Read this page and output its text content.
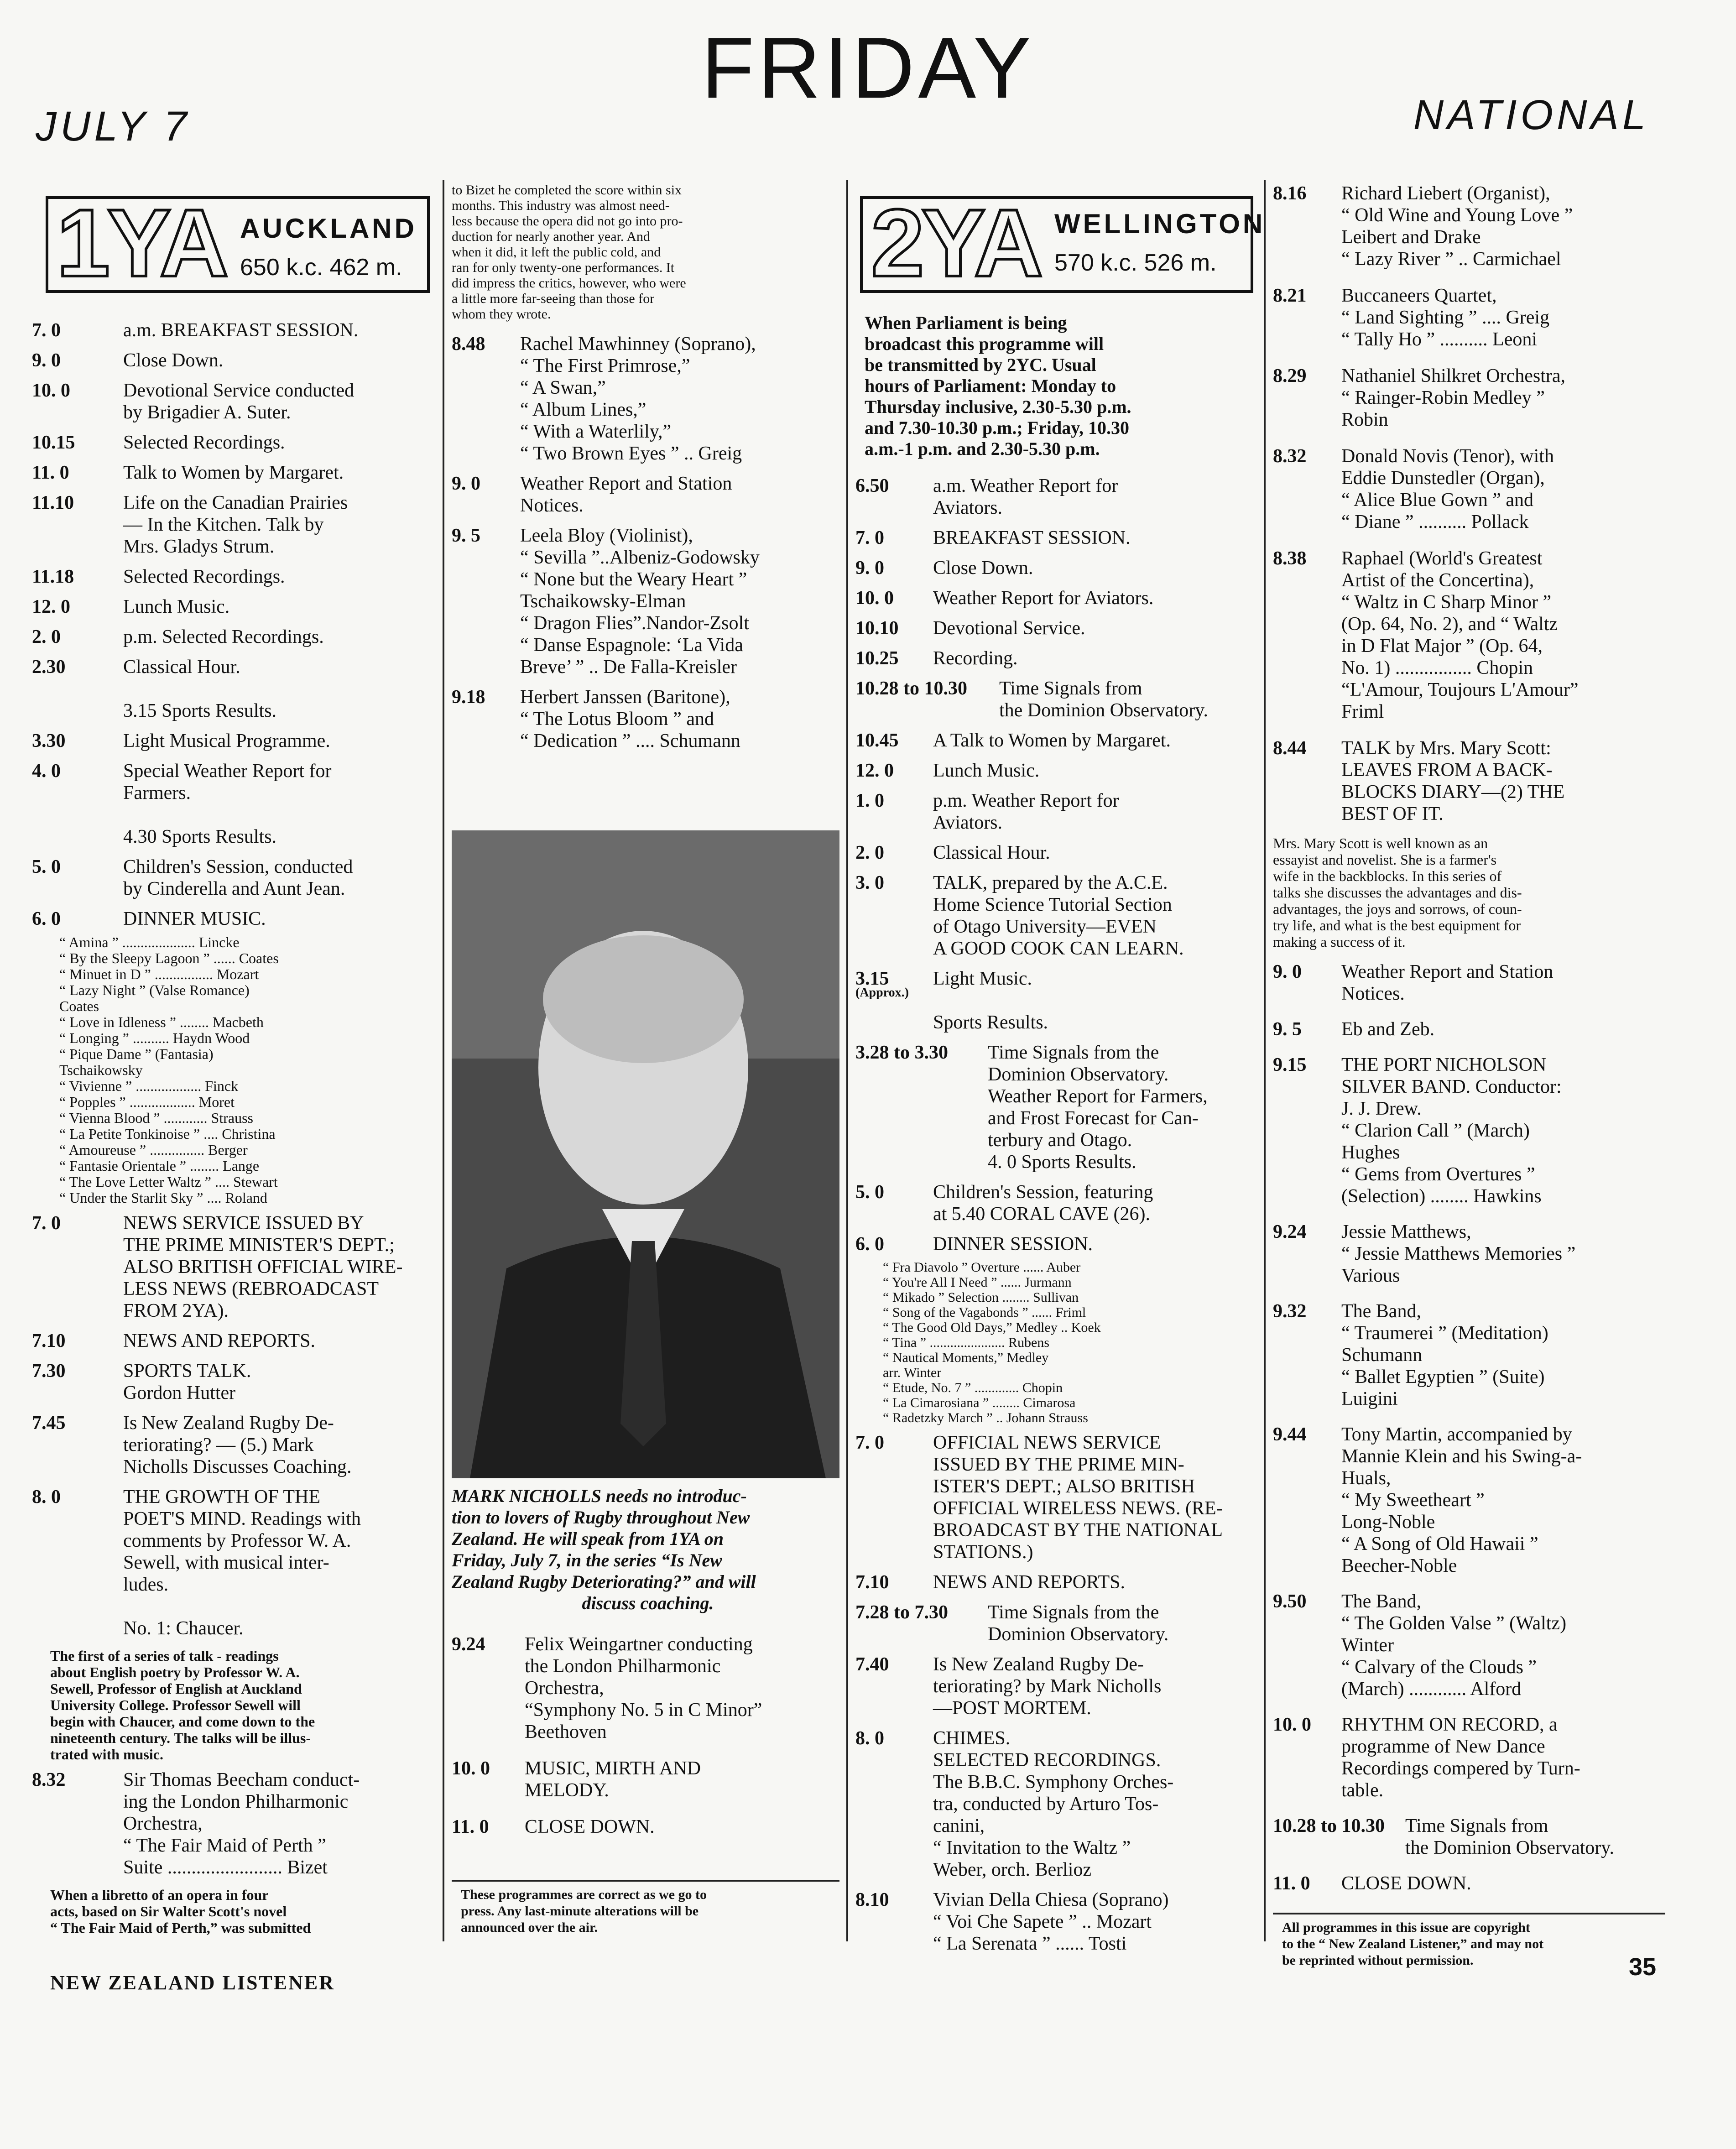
FRIDAY
JULY 7	NATIONAL
1YA AUCKLAND
650 k.c. 462 m.
7. 0	a.m. BREAKFAST SESSION.
9. 0	Close Down.
10. 0	Devotional Service conducted
by Brigadier A. Suter.
10.15	Selected Recordings.
11. 0	Talk to Women by Margaret.
11.10	Life on the Canadian Prairies
— In the Kitchen. Talk by
Mrs. Gladys Strum.
11.18	Selected Recordings.
12. 0	Lunch Music.
2. 0	p.m. Selected Recordings.
2.30	Classical Hour.
3.15 Sports Results.
3.30	Light Musical Programme.
4. 0	Special Weather Report for
Farmers.
4.30 Sports Results.
5. 0	Children's Session, conducted
by Cinderella and Aunt Jean.
6. 0	DINNER MUSIC.
“ Amina ” .................... Lincke
“ By the Sleepy Lagoon ” ...... Coates
“ Minuet in D ” ................ Mozart
“ Lazy Night ” (Valse Romance)
Coates
“ Love in Idleness ” ........ Macbeth
“ Longing ” .......... Haydn Wood
“ Pique Dame ” (Fantasia)
Tschaikowsky
“ Vivienne ” .................. Finck
“ Popples ” .................. Moret
“ Vienna Blood ” ............ Strauss
“ La Petite Tonkinoise ” .... Christina
“ Amoureuse ” ............... Berger
“ Fantasie Orientale ” ........ Lange
“ The Love Letter Waltz ” .... Stewart
“ Under the Starlit Sky ” .... Roland
7. 0	NEWS SERVICE ISSUED BY
THE PRIME MINISTER'S DEPT.;
ALSO BRITISH OFFICIAL WIRE-
LESS NEWS (REBROADCAST
FROM 2YA).
7.10	NEWS AND REPORTS.
7.30	SPORTS TALK.
Gordon Hutter
7.45	Is New Zealand Rugby De-
teriorating? — (5.) Mark
Nicholls Discusses Coaching.
8. 0	THE GROWTH OF THE
POET'S MIND. Readings with
comments by Professor W. A.
Sewell, with musical inter-
ludes.
No. 1: Chaucer.
The first of a series of talk - readings
about English poetry by Professor W. A.
Sewell, Professor of English at Auckland
University College. Professor Sewell will
begin with Chaucer, and come down to the
nineteenth century. The talks will be illus-
trated with music.
8.32	Sir Thomas Beecham conduct-
ing the London Philharmonic
Orchestra,
“ The Fair Maid of Perth ”
Suite ........................ Bizet
When a libretto of an opera in four
acts, based on Sir Walter Scott's novel
“ The Fair Maid of Perth,” was submitted
to Bizet he completed the score within six
months. This industry was almost need-
less because the opera did not go into pro-
duction for nearly another year. And
when it did, it left the public cold, and
ran for only twenty-one performances. It
did impress the critics, however, who were
a little more far-seeing than those for
whom they wrote.
8.48 Rachel Mawhinney (Soprano),
“ The First Primrose,”
“ A Swan,”
“ Album Lines,”
“ With a Waterlily,”
“ Two Brown Eyes ” .. Greig
9. 0 Weather Report and Station
Notices.
9. 5 Leela Bloy (Violinist),
“ Sevilla ”..Albeniz-Godowsky
“ None but the Weary Heart ”
Tschaikowsky-Elman
“ Dragon Flies”.Nandor-Zsolt
“ Danse Espagnole: ‘La Vida
Breve’ ” .. De Falla-Kreisler
9.18 Herbert Janssen (Baritone),
“ The Lotus Bloom ” and
“ Dedication ” .... Schumann
MARK NICHOLLS needs no introduc-
tion to lovers of Rugby throughout New
Zealand. He will speak from 1YA on
Friday, July 7, in the series “Is New
Zealand Rugby Deteriorating?” and will
discuss coaching.
9.24 Felix Weingartner conducting
the London Philharmonic
Orchestra,
“Symphony No. 5 in C Minor”
Beethoven
10. 0 MUSIC, MIRTH AND
MELODY.
11. 0 CLOSE DOWN.
These programmes are correct as we go to
press. Any last-minute alterations will be
announced over the air.
2YA WELLINGTON
570 k.c. 526 m.
When Parliament is being
broadcast this programme will
be transmitted by 2YC. Usual
hours of Parliament: Monday to
Thursday inclusive, 2.30-5.30 p.m.
and 7.30-10.30 p.m.; Friday, 10.30
a.m.-1 p.m. and 2.30-5.30 p.m.
6.50 a.m. Weather Report for
Aviators.
7. 0	BREAKFAST SESSION.
9. 0	Close Down.
10. 0 Weather Report for Aviators.
10.10 Devotional Service.
10.25 Recording.
10.28 to 10.30 Time Signals from
the Dominion Observatory.
10.45 A Talk to Women by Margaret.
12. 0 Lunch Music.
1. 0	p.m. Weather Report for
Aviators.
2. 0	Classical Hour.
3. 0	TALK, prepared by the A.C.E.
Home Science Tutorial Section
of Otago University—EVEN
A GOOD COOK CAN LEARN.
3.15 Light Music.
Sports Results.
3.28 to 3.30 Time Signals from the
Dominion Observatory.
Weather Report for Farmers,
and Frost Forecast for Can-
terbury and Otago.
4. 0 Sports Results.
5. 0	Children's Session, featuring
at 5.40 CORAL CAVE (26).
6. 0	DINNER SESSION.
“ Fra Diavolo ” Overture ...... Auber
“ You're All I Need ” ...... Jurmann
“ Mikado ” Selection ........ Sullivan
“ Song of the Vagabonds ” ...... Friml
“ The Good Old Days,” Medley .. Koek
“ Tina ” ...................... Rubens
“ Nautical Moments,” Medley
arr. Winter
“ Etude, No. 7 ” ............. Chopin
“ La Cimarosiana ” ........ Cimarosa
“ Radetzky March ” .. Johann Strauss
7. 0	OFFICIAL NEWS SERVICE
ISSUED BY THE PRIME MIN-
ISTER'S DEPT.; ALSO BRITISH
OFFICIAL WIRELESS NEWS. (RE-
BROADCAST BY THE NATIONAL
STATIONS.)
7.10 NEWS AND REPORTS.
7.28 to 7.30 Time Signals from the
Dominion Observatory.
7.40 Is New Zealand Rugby De-
teriorating? by Mark Nicholls
—POST MORTEM.
8. 0	CHIMES.
SELECTED RECORDINGS.
The B.B.C. Symphony Orches-
tra, conducted by Arturo Tos-
canini,
“ Invitation to the Waltz ”
Weber, orch. Berlioz
8.10 Vivian Della Chiesa (Soprano)
“ Voi Che Sapete ” .. Mozart
“ La Serenata ” ...... Tosti
(Approx.)
8.16 Richard Liebert (Organist),
“ Old Wine and Young Love ”
Leibert and Drake
“ Lazy River ” .. Carmichael
8.21 Buccaneers Quartet,
“ Land Sighting ” .... Greig
“ Tally Ho ” .......... Leoni
8.29 Nathaniel Shilkret Orchestra,
“ Rainger-Robin Medley ”
Robin
8.32 Donald Novis (Tenor), with
Eddie Dunstedler (Organ),
“ Alice Blue Gown ” and
“ Diane ” .......... Pollack
8.38 Raphael (World's Greatest
Artist of the Concertina),
“ Waltz in C Sharp Minor ”
(Op. 64, No. 2), and “ Waltz
in D Flat Major ” (Op. 64,
No. 1) ................ Chopin
“L'Amour, Toujours L'Amour”
Friml
8.44 TALK by Mrs. Mary Scott:
LEAVES FROM A BACK-
BLOCKS DIARY—(2) THE
BEST OF IT.
Mrs. Mary Scott is well known as an
essayist and novelist. She is a farmer's
wife in the backblocks. In this series of
talks she discusses the advantages and dis-
advantages, the joys and sorrows, of coun-
try life, and what is the best equipment for
making a success of it.
9. 0 Weather Report and Station
Notices.
9. 5 Eb and Zeb.
9.15 THE PORT NICHOLSON
SILVER BAND. Conductor:
J. J. Drew.
“ Clarion Call ” (March)
Hughes
“ Gems from Overtures ”
(Selection) ........ Hawkins
9.24 Jessie Matthews,
“ Jessie Matthews Memories ”
Various
9.32 The Band,
“ Traumerei ” (Meditation)
Schumann
“ Ballet Egyptien ” (Suite)
Luigini
9.44 Tony Martin, accompanied by
Mannie Klein and his Swing-a-
Huals,
“ My Sweetheart ”
Long-Noble
“ A Song of Old Hawaii ”
Beecher-Noble
9.50 The Band,
“ The Golden Valse ” (Waltz)
Winter
“ Calvary of the Clouds ”
(March) ............ Alford
10. 0 RHYTHM ON RECORD, a
programme of New Dance
Recordings compered by Turn-
table.
10.28 to 10.30 Time Signals from
the Dominion Observatory.
11. 0 CLOSE DOWN.
All programmes in this issue are copyright
to the “ New Zealand Listener,” and may not
be reprinted without permission.
NEW ZEALAND LISTENER
35
